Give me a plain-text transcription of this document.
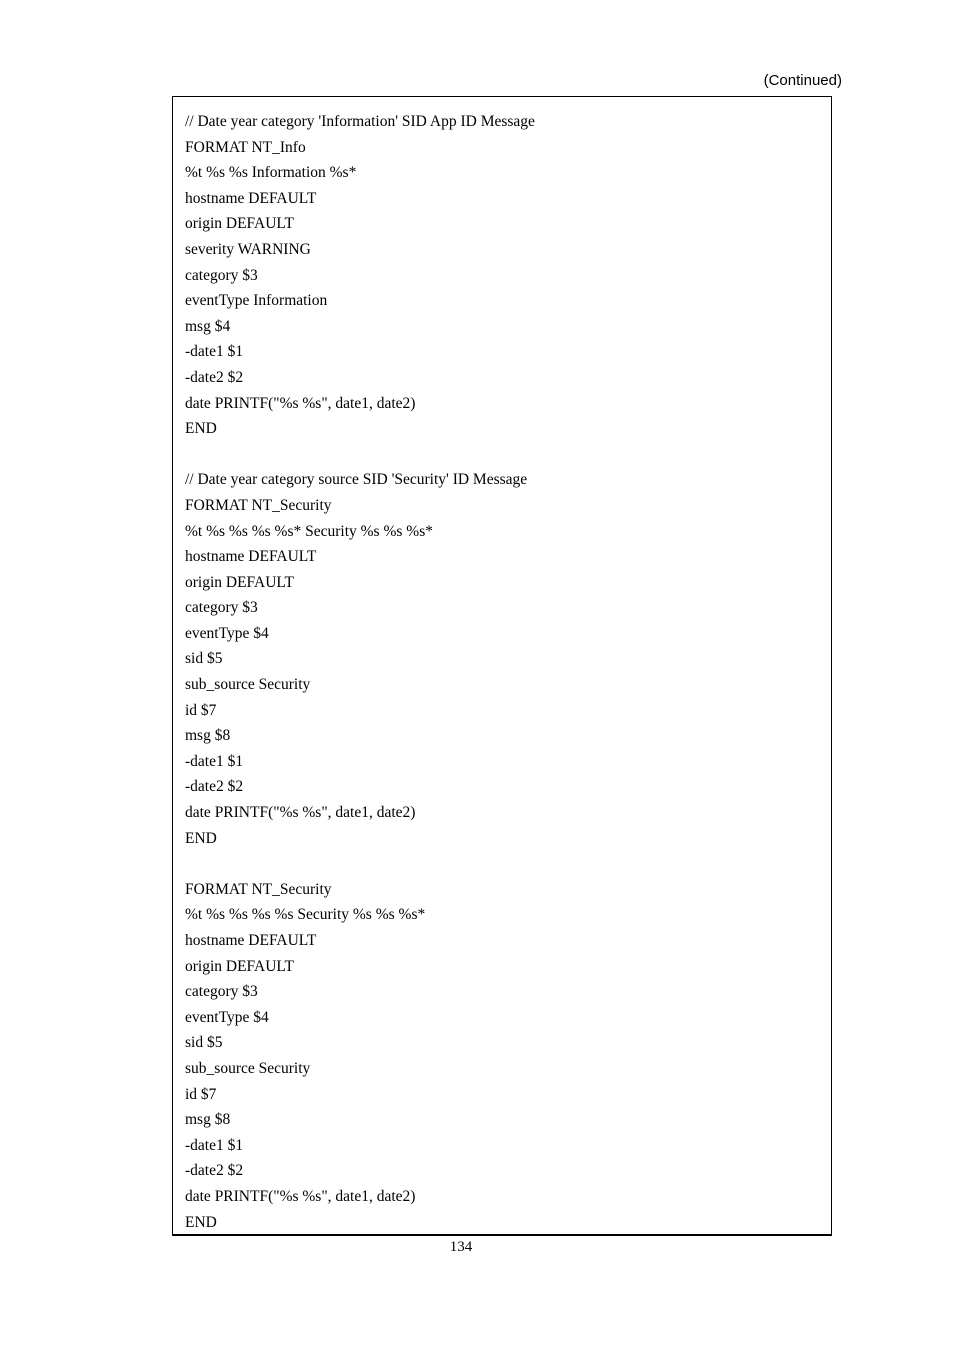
(Continued)
// Date year category 'Information' SID App ID Message
FORMAT NT_Info
%t %s %s Information %s*
hostname DEFAULT
origin DEFAULT
severity WARNING
category $3
eventType Information
msg $4
-date1 $1
-date2 $2
date PRINTF("%s %s", date1, date2)
END
// Date year category source SID 'Security' ID Message
FORMAT NT_Security
%t %s %s %s %s* Security %s %s %s*
hostname DEFAULT
origin DEFAULT
category $3
eventType $4
sid $5
sub_source Security
id $7
msg $8
-date1 $1
-date2 $2
date PRINTF("%s %s", date1, date2)
END
FORMAT NT_Security
%t %s %s %s %s Security %s %s %s*
hostname DEFAULT
origin DEFAULT
category $3
eventType $4
sid $5
sub_source Security
id $7
msg $8
-date1 $1
-date2 $2
date PRINTF("%s %s", date1, date2)
END
134
